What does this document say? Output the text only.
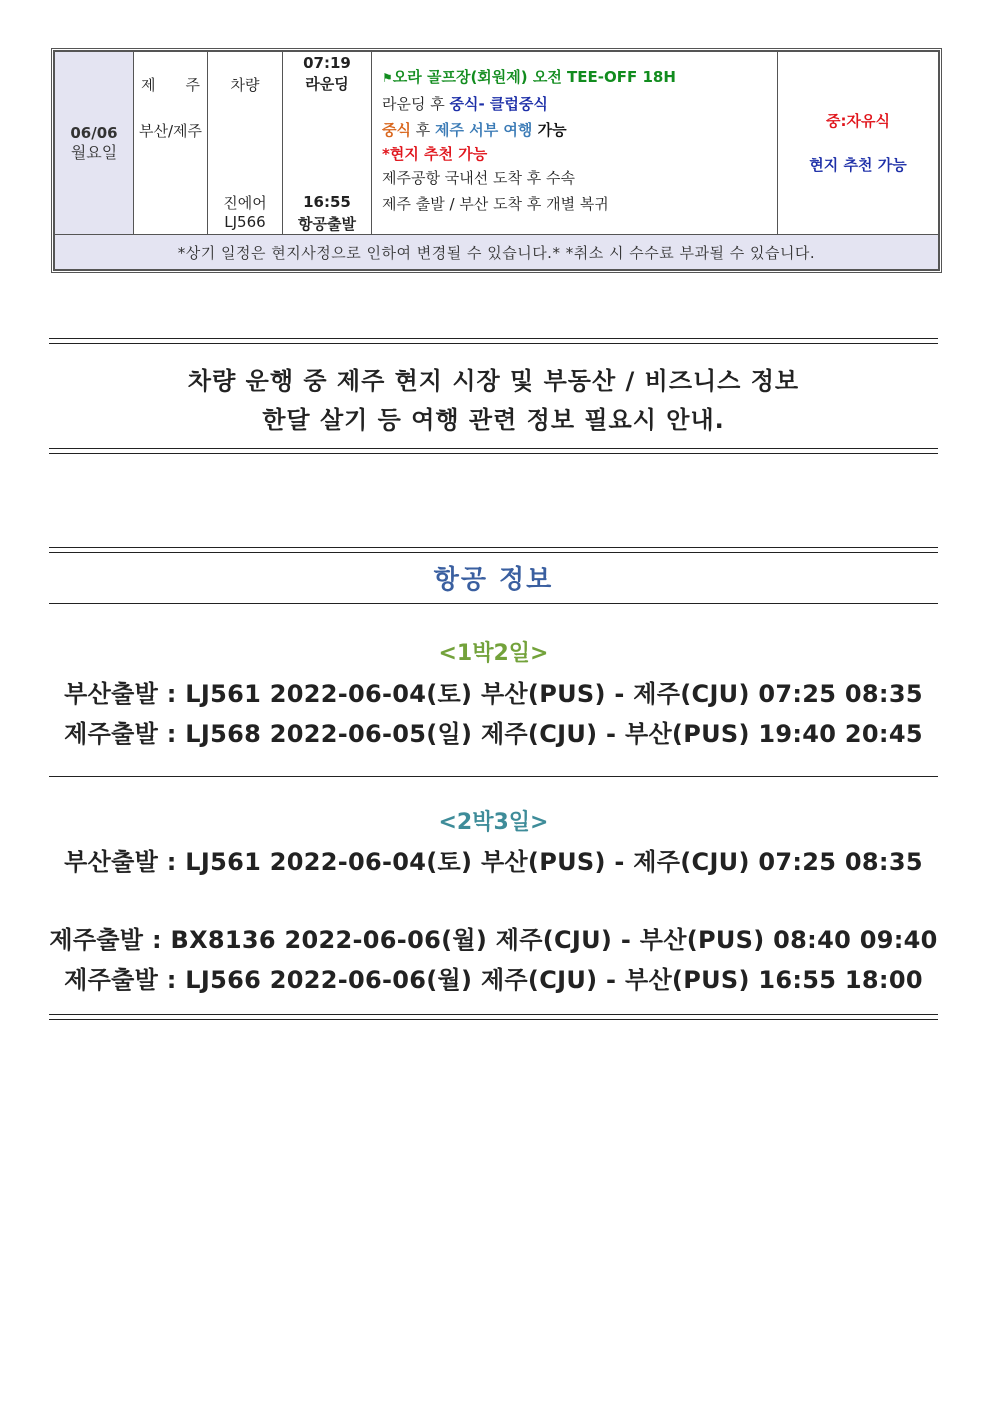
06/06
월요일

제　　주
부산/제주

차량
진에어
LJ566

07:19
라운딩
16:55
항공출발

⚑오라 골프장(회원제) 오전 TEE-OFF 18H
라운딩 후 중식- 클럽중식
중식 후 제주 서부 여행 가능
*현지 추천 가능
제주공항 국내선 도착 후 수속
제주 출발 / 부산 도착 후 개별 복귀

중:자유식
현지 추천 가능

*상기 일정은 현지사정으로 인하여 변경될 수 있습니다.* *취소 시 수수료 부과될 수 있습니다.
차량 운행 중 제주 현지 시장 및 부동산 / 비즈니스 정보
한달 살기 등 여행 관련 정보 필요시 안내.
항공 정보
<1박2일>
부산출발 : LJ561 2022-06-04(토) 부산(PUS) - 제주(CJU) 07:25 08:35
제주출발 : LJ568 2022-06-05(일) 제주(CJU) - 부산(PUS) 19:40 20:45
<2박3일>
부산출발 : LJ561 2022-06-04(토) 부산(PUS) - 제주(CJU) 07:25 08:35
제주출발 : BX8136 2022-06-06(월) 제주(CJU) - 부산(PUS) 08:40 09:40
제주출발 : LJ566 2022-06-06(월) 제주(CJU) - 부산(PUS) 16:55 18:00
